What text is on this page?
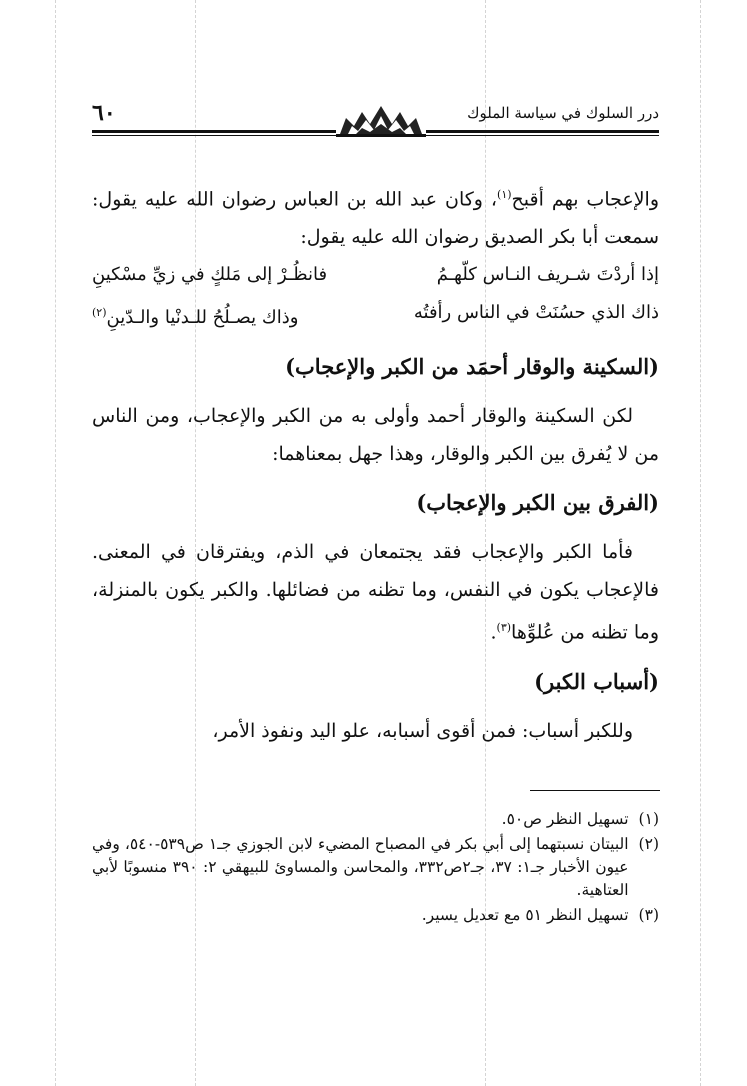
درر السلوك في سياسة الملوك
٦٠

والإعجاب بهم أقبح$^{(١)}$، وكان عبد الله بن العباس رضوان الله عليه يقول: سمعت أبا بكر الصديق رضوان الله عليه يقول:

إذا أردْتَ شـريف النـاس كلّهـمُ
فانظُـرْ إلى مَلكٍ في زيِّ مسْكينِ
ذاك الذي حسُنَتْ في الناس رأفتُه
وذاك يصـلُحُ للـدنْيا والـدّينِ$^{(٢)}$
(السكينة والوقار أحمَد من الكبر والإعجاب)

لكن السكينة والوقار أحمد وأولى به من الكبر والإعجاب، ومن الناس من لا يُفرق بين الكبر والوقار، وهذا جهل بمعناهما:

(الفرق بين الكبر والإعجاب)

فأما الكبر والإعجاب فقد يجتمعان في الذم، ويفترقان في المعنى. فالإعجاب يكون في النفس، وما تظنه من فضائلها. والكبر يكون بالمنزلة، وما تظنه من عُلوِّها$^{(٣)}$.

(أسباب الكبر)

وللكبر أسباب: فمن أقوى أسبابه، علو اليد ونفوذ الأمر،

(١)
تسهيل النظر ص٥٠.
(٢)
البيتان نسبتهما إلى أبي بكر في المصباح المضيء لابن الجوزي جـ١ ص٥٣٩-٥٤٠، وفي عيون الأخبار جـ١: ٣٧، جـ٢ص٣٣٢، والمحاسن والمساوئ للبيهقي ٢: ٣٩٠ منسوبًا لأبي العتاهية.
(٣)
تسهيل النظر ٥١ مع تعديل يسير.
